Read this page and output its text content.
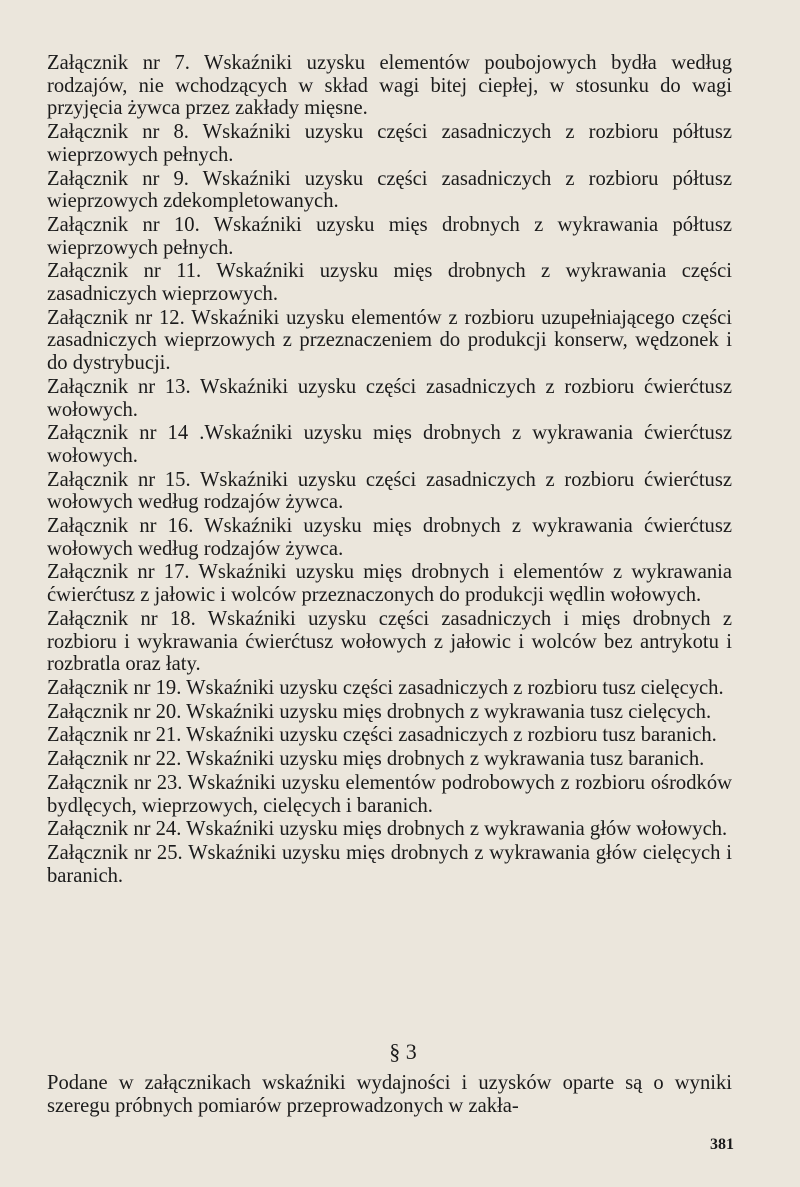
Załącznik nr 7. Wskaźniki uzysku elementów poubojowych bydła według rodzajów, nie wchodzących w skład wagi bitej ciepłej, w stosunku do wagi przyjęcia żywca przez zakłady mięsne.

Załącznik nr 8. Wskaźniki uzysku części zasadniczych z rozbioru półtusz wieprzowych pełnych.

Załącznik nr 9. Wskaźniki uzysku części zasadniczych z rozbioru półtusz wieprzowych zdekompletowanych.

Załącznik nr 10. Wskaźniki uzysku mięs drobnych z wykrawania półtusz wieprzowych pełnych.

Załącznik nr 11. Wskaźniki uzysku mięs drobnych z wykrawania części zasadniczych wieprzowych.

Załącznik nr 12. Wskaźniki uzysku elementów z rozbioru uzupełniającego części zasadniczych wieprzowych z przeznaczeniem do produkcji konserw, wędzonek i do dystrybucji.

Załącznik nr 13. Wskaźniki uzysku części zasadniczych z rozbioru ćwierćtusz wołowych.

Załącznik nr 14 .Wskaźniki uzysku mięs drobnych z wykrawania ćwierćtusz wołowych.

Załącznik nr 15. Wskaźniki uzysku części zasadniczych z rozbioru ćwierćtusz wołowych według rodzajów żywca.

Załącznik nr 16. Wskaźniki uzysku mięs drobnych z wykrawania ćwierćtusz wołowych według rodzajów żywca.

Załącznik nr 17. Wskaźniki uzysku mięs drobnych i elementów z wykrawania ćwierćtusz z jałowic i wolców przeznaczonych do produkcji wędlin wołowych.

Załącznik nr 18. Wskaźniki uzysku części zasadniczych i mięs drobnych z rozbioru i wykrawania ćwierćtusz wołowych z jałowic i wolców bez antrykotu i rozbratla oraz łaty.

Załącznik nr 19. Wskaźniki uzysku części zasadniczych z rozbioru tusz cielęcych.

Załącznik nr 20. Wskaźniki uzysku mięs drobnych z wykrawania tusz cielęcych.

Załącznik nr 21. Wskaźniki uzysku części zasadniczych z rozbioru tusz baranich.

Załącznik nr 22. Wskaźniki uzysku mięs drobnych z wykrawania tusz baranich.

Załącznik nr 23. Wskaźniki uzysku elementów podrobowych z rozbioru ośrodków bydlęcych, wieprzowych, cielęcych i baranich.

Załącznik nr 24. Wskaźniki uzysku mięs drobnych z wykrawania głów wołowych.

Załącznik nr 25. Wskaźniki uzysku mięs drobnych z wykrawania głów cielęcych i baranich.

§ 3

Podane w załącznikach wskaźniki wydajności i uzysków oparte są o wyniki szeregu próbnych pomiarów przeprowadzonych w zakła-

381
